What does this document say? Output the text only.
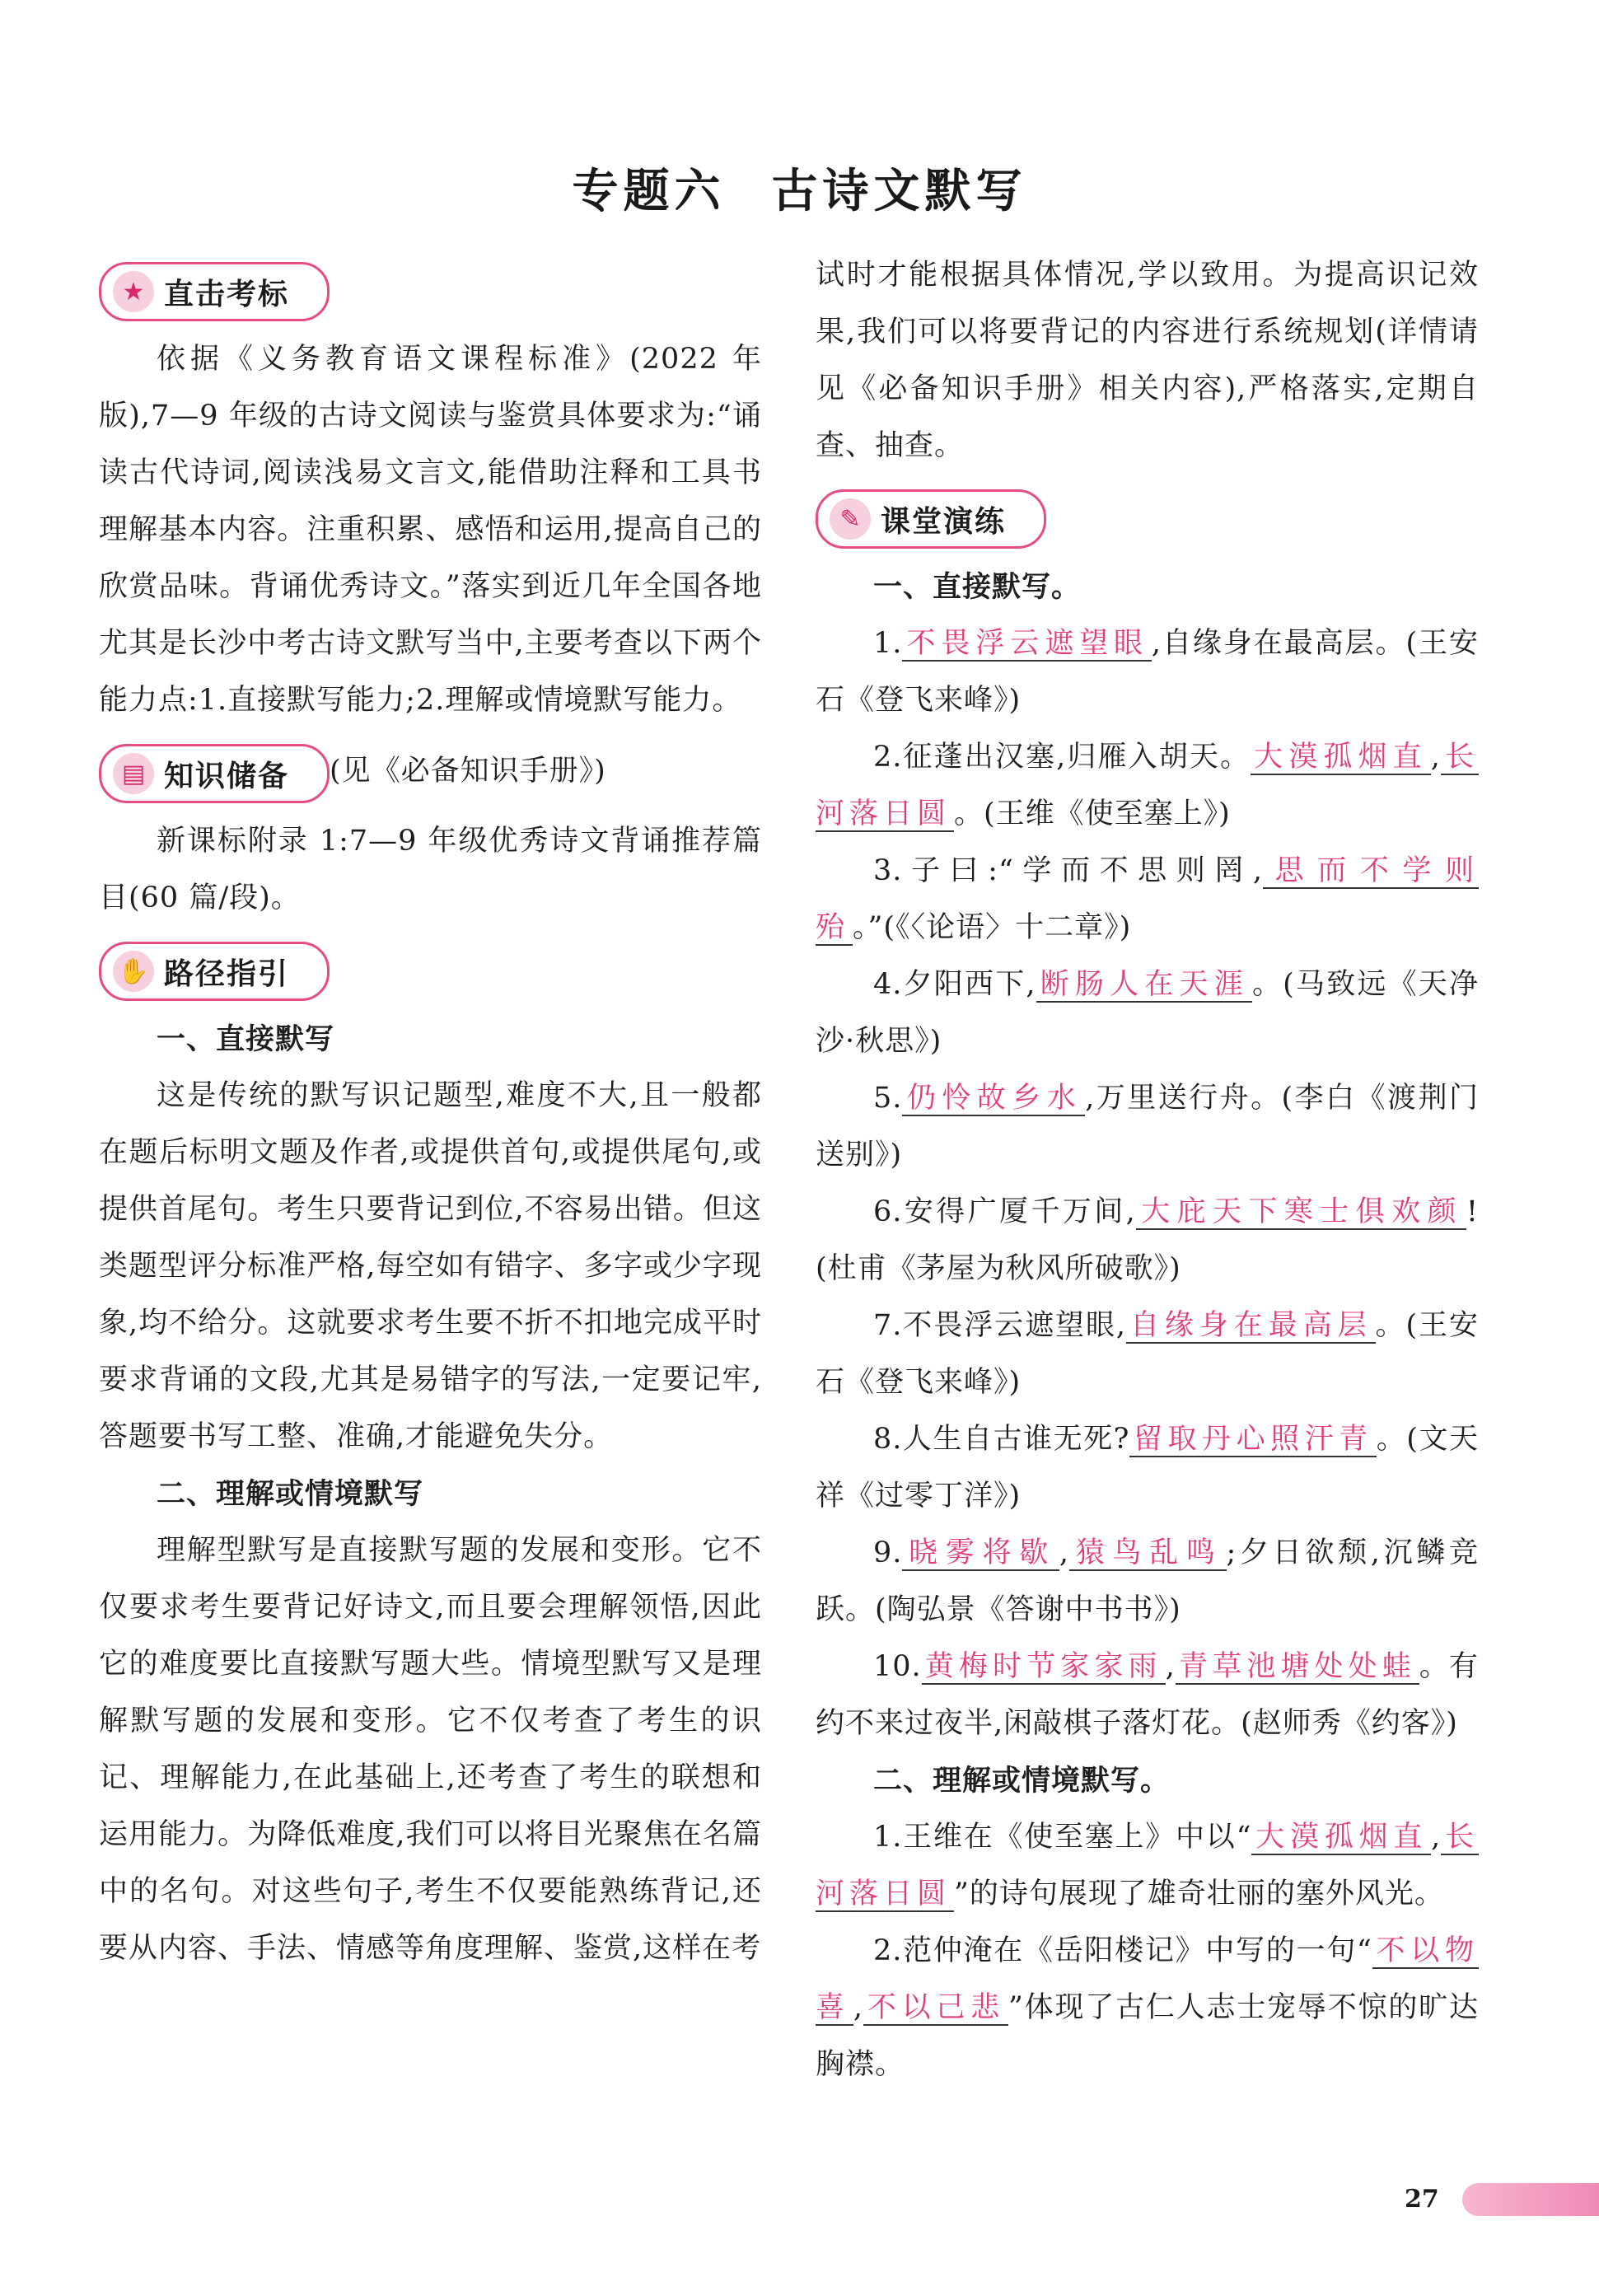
专题六 古诗文默写
★ 直击考标

依据《义务教育语文课程标准》(2022 年版),7—9 年级的古诗文阅读与鉴赏具体要求为:“诵读古代诗词,阅读浅易文言文,能借助注释和工具书理解基本内容。注重积累、感悟和运用,提高自己的欣赏品味。背诵优秀诗文。”落实到近几年全国各地尤其是长沙中考古诗文默写当中,主要考查以下两个能力点:1.直接默写能力;2.理解或情境默写能力。

▤ 知识储备 (见《必备知识手册》)

新课标附录 1:7—9 年级优秀诗文背诵推荐篇目(60 篇/段)。

✋ 路径指引

一、直接默写

这是传统的默写识记题型,难度不大,且一般都在题后标明文题及作者,或提供首句,或提供尾句,或提供首尾句。考生只要背记到位,不容易出错。但这类题型评分标准严格,每空如有错字、多字或少字现象,均不给分。这就要求考生要不折不扣地完成平时要求背诵的文段,尤其是易错字的写法,一定要记牢,答题要书写工整、准确,才能避免失分。

二、理解或情境默写

理解型默写是直接默写题的发展和变形。它不仅要求考生要背记好诗文,而且要会理解领悟,因此它的难度要比直接默写题大些。情境型默写又是理解默写题的发展和变形。它不仅考查了考生的识记、理解能力,在此基础上,还考查了考生的联想和运用能力。为降低难度,我们可以将目光聚焦在名篇中的名句。对这些句子,考生不仅要能熟练背记,还要从内容、手法、情感等角度理解、鉴赏,这样在考

试时才能根据具体情况,学以致用。为提高识记效果,我们可以将要背记的内容进行系统规划(详情请见《必备知识手册》相关内容),严格落实,定期自查、抽查。

✎ 课堂演练

一、直接默写。

1. 不畏浮云遮望眼 ,自缘身在最高层。(王安石《登飞来峰》)

2.征蓬出汉塞,归雁入胡天。 大漠孤烟直 , 长河落日圆 。(王维《使至塞上》)

3.子曰:“学而不思则罔, 思而不学则殆 。”(《〈论语〉十二章》)

4.夕阳西下, 断肠人在天涯 。(马致远《天净沙·秋思》)

5. 仍怜故乡水 ,万里送行舟。(李白《渡荆门送别》)

6.安得广厦千万间, 大庇天下寒士俱欢颜 !(杜甫《茅屋为秋风所破歌》)

7.不畏浮云遮望眼, 自缘身在最高层 。(王安石《登飞来峰》)

8.人生自古谁无死? 留取丹心照汗青 。(文天祥《过零丁洋》)

9. 晓雾将歇 , 猿鸟乱鸣 ;夕日欲颓,沉鳞竞跃。(陶弘景《答谢中书书》)

10. 黄梅时节家家雨 , 青草池塘处处蛙 。有约不来过夜半,闲敲棋子落灯花。(赵师秀《约客》)

二、理解或情境默写。

1.王维在《使至塞上》中以“ 大漠孤烟直 , 长河落日圆 ”的诗句展现了雄奇壮丽的塞外风光。

2.范仲淹在《岳阳楼记》中写的一句“ 不以物喜 , 不以己悲 ”体现了古仁人志士宠辱不惊的旷达胸襟。

27
